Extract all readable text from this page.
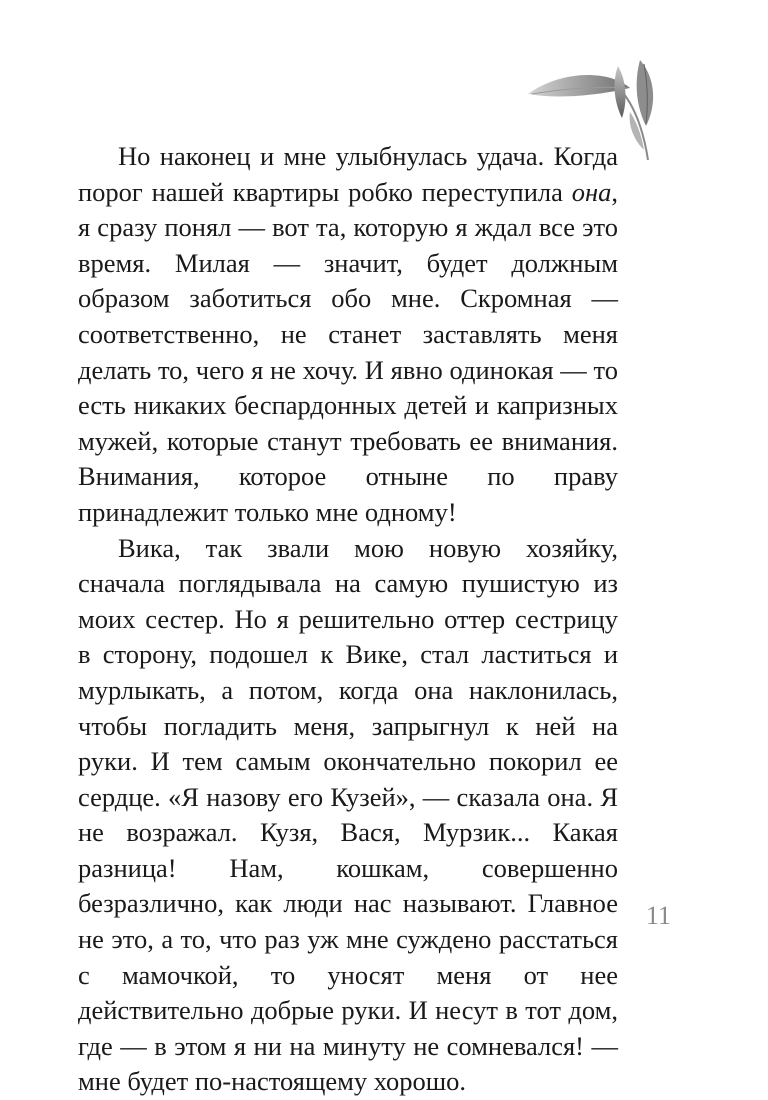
Но наконец и мне улыбнулась удача. Когда порог нашей квартиры робко переступила она, я сразу понял — вот та, которую я ждал все это время. Милая — значит, будет должным образом заботиться обо мне. Скромная — соответственно, не станет заставлять меня делать то, чего я не хочу. И явно одинокая — то есть никаких беспардонных детей и капризных мужей, которые станут требовать ее внимания. Внимания, которое отныне по праву принадлежит только мне одному!

Вика, так звали мою новую хозяйку, сначала поглядывала на самую пушистую из моих сестер. Но я решительно оттер сестрицу в сторону, подошел к Вике, стал ластиться и мурлыкать, а потом, когда она наклонилась, чтобы погладить меня, запрыгнул к ней на руки. И тем самым окончательно покорил ее сердце. «Я назову его Кузей», — сказала она. Я не возражал. Кузя, Вася, Мурзик... Какая разница! Нам, кошкам, совершенно безразлично, как люди нас называют. Главное не это, а то, что раз уж мне суждено расстаться с мамочкой, то уносят меня от нее действительно добрые руки. И несут в тот дом, где — в этом я ни на минуту не сомневался! — мне будет по-настоящему хорошо.

11
